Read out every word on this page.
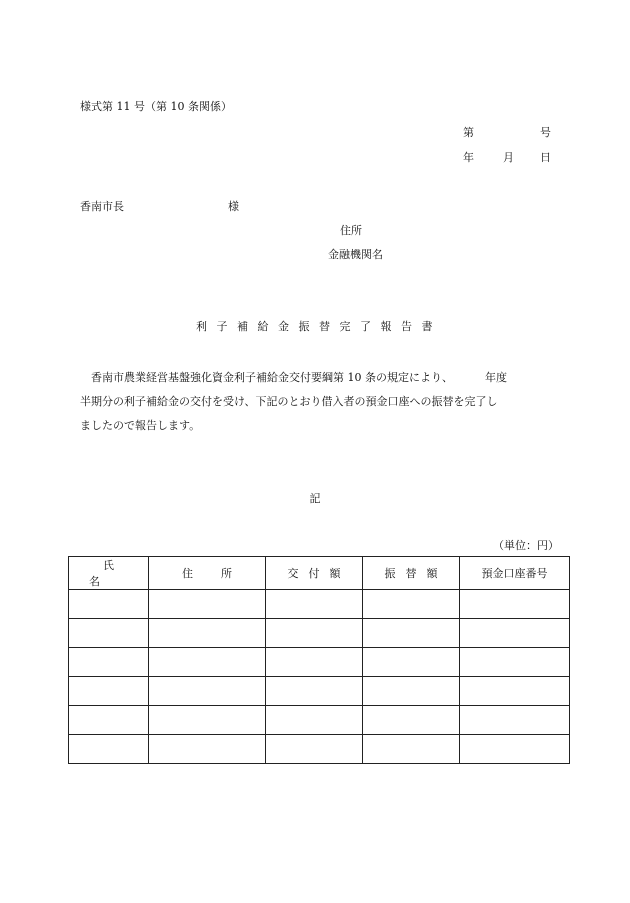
様式第 11 号（第 10 条関係）
第	号
年	月 日
香南市長	様
住所
金融機関名
利子補給金振替完了報告書
香南市農業経営基盤強化資金利子補給金交付要綱第 10 条の規定により、	年度
半期分の利子補給金の交付を受け、下記のとおり借入者の預金口座への振替を完了し
ましたので報告します。
記
（単位：円）
氏名	住所	交付額	振替額	預金口座番号
